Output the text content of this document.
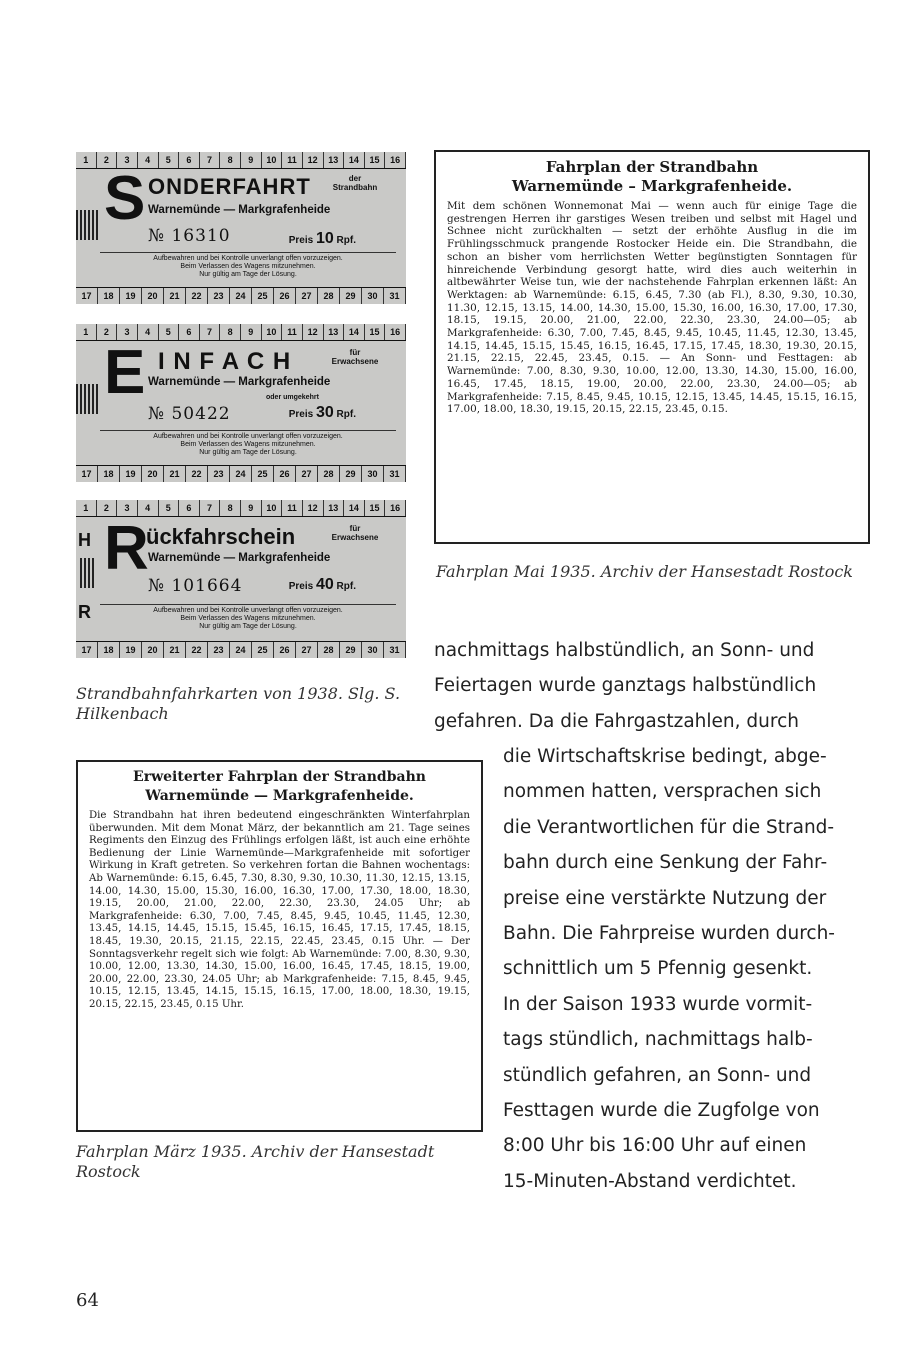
1	2	3	4	5	6	7	8	9	10	11	12	13	14	15	16
S ONDERFAHRT	der Strandbahn
Warnemünde — Markgrafenheide
№ 16310	Preis 10 Rpf.
Aufbewahren und bei Kontrolle unverlangt offen vorzuzeigen.
Beim Verlassen des Wagens mitzunehmen.
Nur gültig am Tage der Lösung.
17	18	19	20	21	22	23	24	25	26	27	28	29	30	31
1	2	3	4	5	6	7	8	9	10	11	12	13	14	15	16
E I N F A C H	für Erwachsene
Warnemünde — Markgrafenheide
oder umgekehrt
№ 50422	Preis 30 Rpf.
Aufbewahren und bei Kontrolle unverlangt offen vorzuzeigen.
Beim Verlassen des Wagens mitzunehmen.
Nur gültig am Tage der Lösung.
17	18	19	20	21	22	23	24	25	26	27	28	29	30	31
1	2	3	4	5	6	7	8	9	10	11	12	13	14	15	16
H
R
R
ückfahrschein	für Erwachsene
Warnemünde — Markgrafenheide
№ 101664	Preis 40 Rpf.
Aufbewahren und bei Kontrolle unverlangt offen vorzuzeigen.
Beim Verlassen des Wagens mitzunehmen.
Nur gültig am Tage der Lösung.
17	18	19	20	21	22	23	24	25	26	27	28	29	30	31
Strandbahnfahrkarten von 1938. Slg. S. Hilkenbach
Fahrplan der Strandbahn
Warnemünde – Markgrafenheide.
Mit dem schönen Wonnemonat Mai — wenn auch für einige Tage die gestrengen Herren ihr garstiges Wesen treiben und selbst mit Hagel und Schnee nicht zurückhalten — setzt der erhöhte Ausflug in die im Frühlingsschmuck prangende Rostocker Heide ein. Die Strandbahn, die schon an bisher vom herrlichsten Wetter begünstigten Sonntagen für hinreichende Verbindung gesorgt hatte, wird dies auch weiterhin in altbewährter Weise tun, wie der nachstehende Fahrplan erkennen läßt: An Werktagen: ab Warnemünde: 6.15, 6.45, 7.30 (ab Fl.), 8.30, 9.30, 10.30, 11.30, 12.15, 13.15, 14.00, 14.30, 15.00, 15.30, 16.00, 16.30, 17.00, 17.30, 18.15, 19.15, 20.00, 21.00, 22.00, 22.30, 23.30, 24.00—05; ab Markgrafenheide: 6.30, 7.00, 7.45, 8.45, 9.45, 10.45, 11.45, 12.30, 13.45, 14.15, 14.45, 15.15, 15.45, 16.15, 16.45, 17.15, 17.45, 18.30, 19.30, 20.15, 21.15, 22.15, 22.45, 23.45, 0.15. — An Sonn- und Festtagen: ab Warnemünde: 7.00, 8.30, 9.30, 10.00, 12.00, 13.30, 14.30, 15.00, 16.00, 16.45, 17.45, 18.15, 19.00, 20.00, 22.00, 23.30, 24.00—05; ab Markgrafenheide: 7.15, 8.45, 9.45, 10.15, 12.15, 13.45, 14.45, 15.15, 16.15, 17.00, 18.00, 18.30, 19.15, 20.15, 22.15, 23.45, 0.15.
Fahrplan Mai 1935. Archiv der Hansestadt Rostock
Erweiterter Fahrplan der Strandbahn
Warnemünde — Markgrafenheide.
Die Strandbahn hat ihren bedeutend eingeschränkten Winterfahrplan überwunden. Mit dem Monat März, der bekanntlich am 21. Tage seines Regiments den Einzug des Frühlings erfolgen läßt, ist auch eine erhöhte Bedienung der Linie Warnemünde—Markgrafenheide mit sofortiger Wirkung in Kraft getreten. So verkehren fortan die Bahnen wochentags: Ab Warnemünde: 6.15, 6.45, 7.30, 8.30, 9.30, 10.30, 11.30, 12.15, 13.15, 14.00, 14.30, 15.00, 15.30, 16.00, 16.30, 17.00, 17.30, 18.00, 18.30, 19.15, 20.00, 21.00, 22.00, 22.30, 23.30, 24.05 Uhr; ab Markgrafenheide: 6.30, 7.00, 7.45, 8.45, 9.45, 10.45, 11.45, 12.30, 13.45, 14.15, 14.45, 15.15, 15.45, 16.15, 16.45, 17.15, 17.45, 18.15, 18.45, 19.30, 20.15, 21.15, 22.15, 22.45, 23.45, 0.15 Uhr. — Der Sonntagsverkehr regelt sich wie folgt: Ab Warnemünde: 7.00, 8.30, 9.30, 10.00, 12.00, 13.30, 14.30, 15.00, 16.00, 16.45, 17.45, 18.15, 19.00, 20.00, 22.00, 23.30, 24.05 Uhr; ab Markgrafenheide: 7.15, 8.45, 9.45, 10.15, 12.15, 13.45, 14.15, 15.15, 16.15, 17.00, 18.00, 18.30, 19.15, 20.15, 22.15, 23.45, 0.15 Uhr.
Fahrplan März 1935. Archiv der Hansestadt Rostock
nachmittags halbstündlich, an Sonn- und
Feiertagen wurde ganztags halbstündlich
gefahren. Da die Fahrgastzahlen, durch
die Wirtschaftskrise bedingt, abge-
nommen hatten, versprachen sich
die Verantwortlichen für die Strand-
bahn durch eine Senkung der Fahr-
preise eine verstärkte Nutzung der
Bahn. Die Fahrpreise wurden durch-
schnittlich um 5 Pfennig gesenkt.
In der Saison 1933 wurde vormit-
tags stündlich, nachmittags halb-
stündlich gefahren, an Sonn- und
Festtagen wurde die Zugfolge von
8:00 Uhr bis 16:00 Uhr auf einen
15-Minuten-Abstand verdichtet.
64
